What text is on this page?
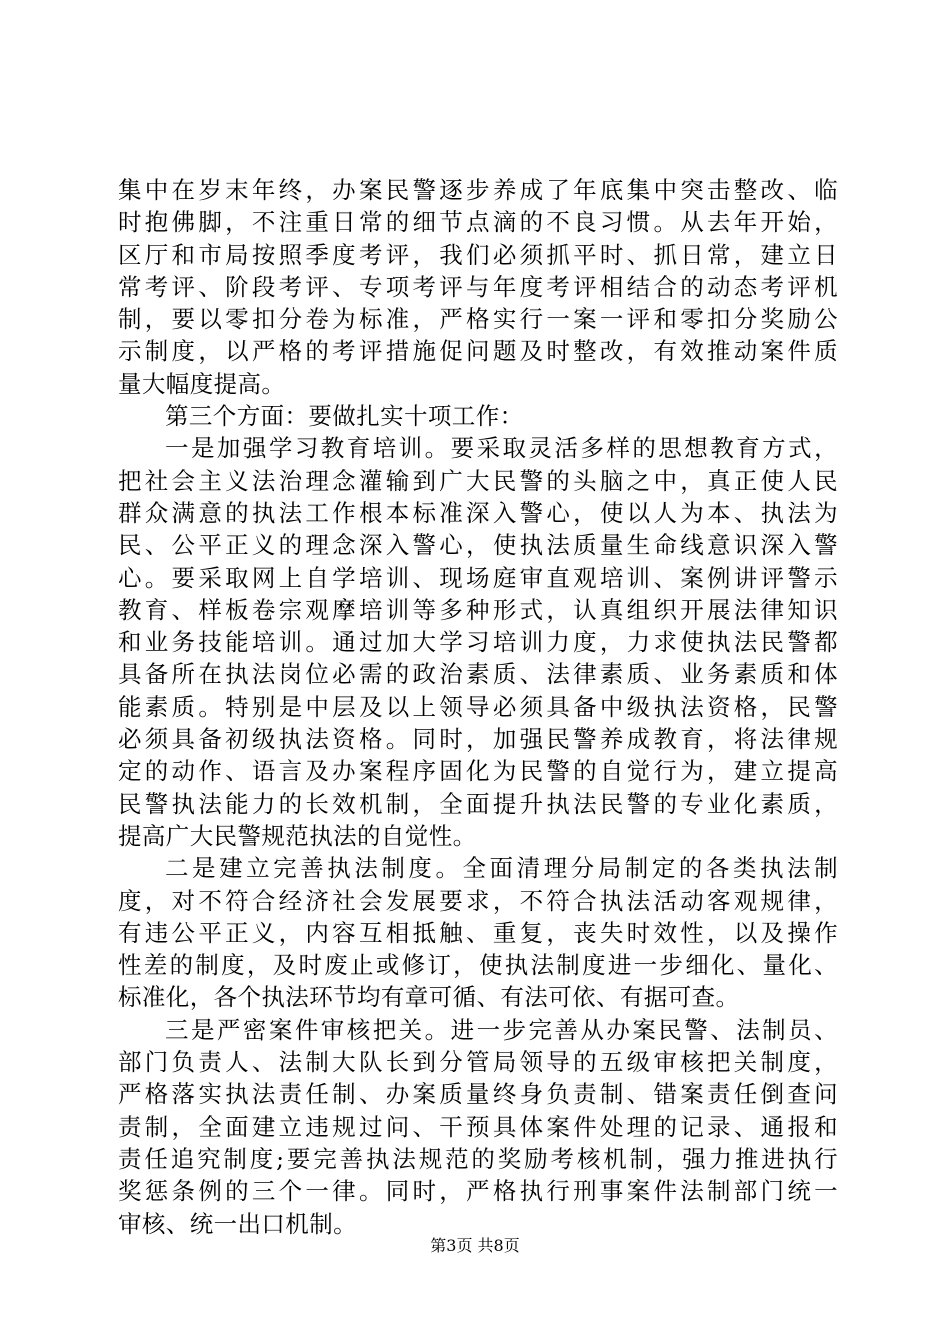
集中在岁末年终，办案民警逐步养成了年底集中突击整改、临
时抱佛脚，不注重日常的细节点滴的不良习惯。从去年开始，
区厅和市局按照季度考评，我们必须抓平时、抓日常，建立日
常考评、阶段考评、专项考评与年度考评相结合的动态考评机
制，要以零扣分卷为标准，严格实行一案一评和零扣分奖励公
示制度，以严格的考评措施促问题及时整改，有效推动案件质
量大幅度提高。
第三个方面：要做扎实十项工作：
一是加强学习教育培训。要采取灵活多样的思想教育方式，
把社会主义法治理念灌输到广大民警的头脑之中，真正使人民
群众满意的执法工作根本标准深入警心，使以人为本、执法为
民、公平正义的理念深入警心，使执法质量生命线意识深入警
心。要采取网上自学培训、现场庭审直观培训、案例讲评警示
教育、样板卷宗观摩培训等多种形式，认真组织开展法律知识
和业务技能培训。通过加大学习培训力度，力求使执法民警都
具备所在执法岗位必需的政治素质、法律素质、业务素质和体
能素质。特别是中层及以上领导必须具备中级执法资格，民警
必须具备初级执法资格。同时，加强民警养成教育，将法律规
定的动作、语言及办案程序固化为民警的自觉行为，建立提高
民警执法能力的长效机制，全面提升执法民警的专业化素质，
提高广大民警规范执法的自觉性。
二是建立完善执法制度。全面清理分局制定的各类执法制
度，对不符合经济社会发展要求，不符合执法活动客观规律，
有违公平正义，内容互相抵触、重复，丧失时效性，以及操作
性差的制度，及时废止或修订，使执法制度进一步细化、量化、
标准化，各个执法环节均有章可循、有法可依、有据可查。
三是严密案件审核把关。进一步完善从办案民警、法制员、
部门负责人、法制大队长到分管局领导的五级审核把关制度，
严格落实执法责任制、办案质量终身负责制、错案责任倒查问
责制，全面建立违规过问、干预具体案件处理的记录、通报和
责任追究制度;要完善执法规范的奖励考核机制，强力推进执行
奖惩条例的三个一律。同时，严格执行刑事案件法制部门统一
审核、统一出口机制。
第3页 共8页
